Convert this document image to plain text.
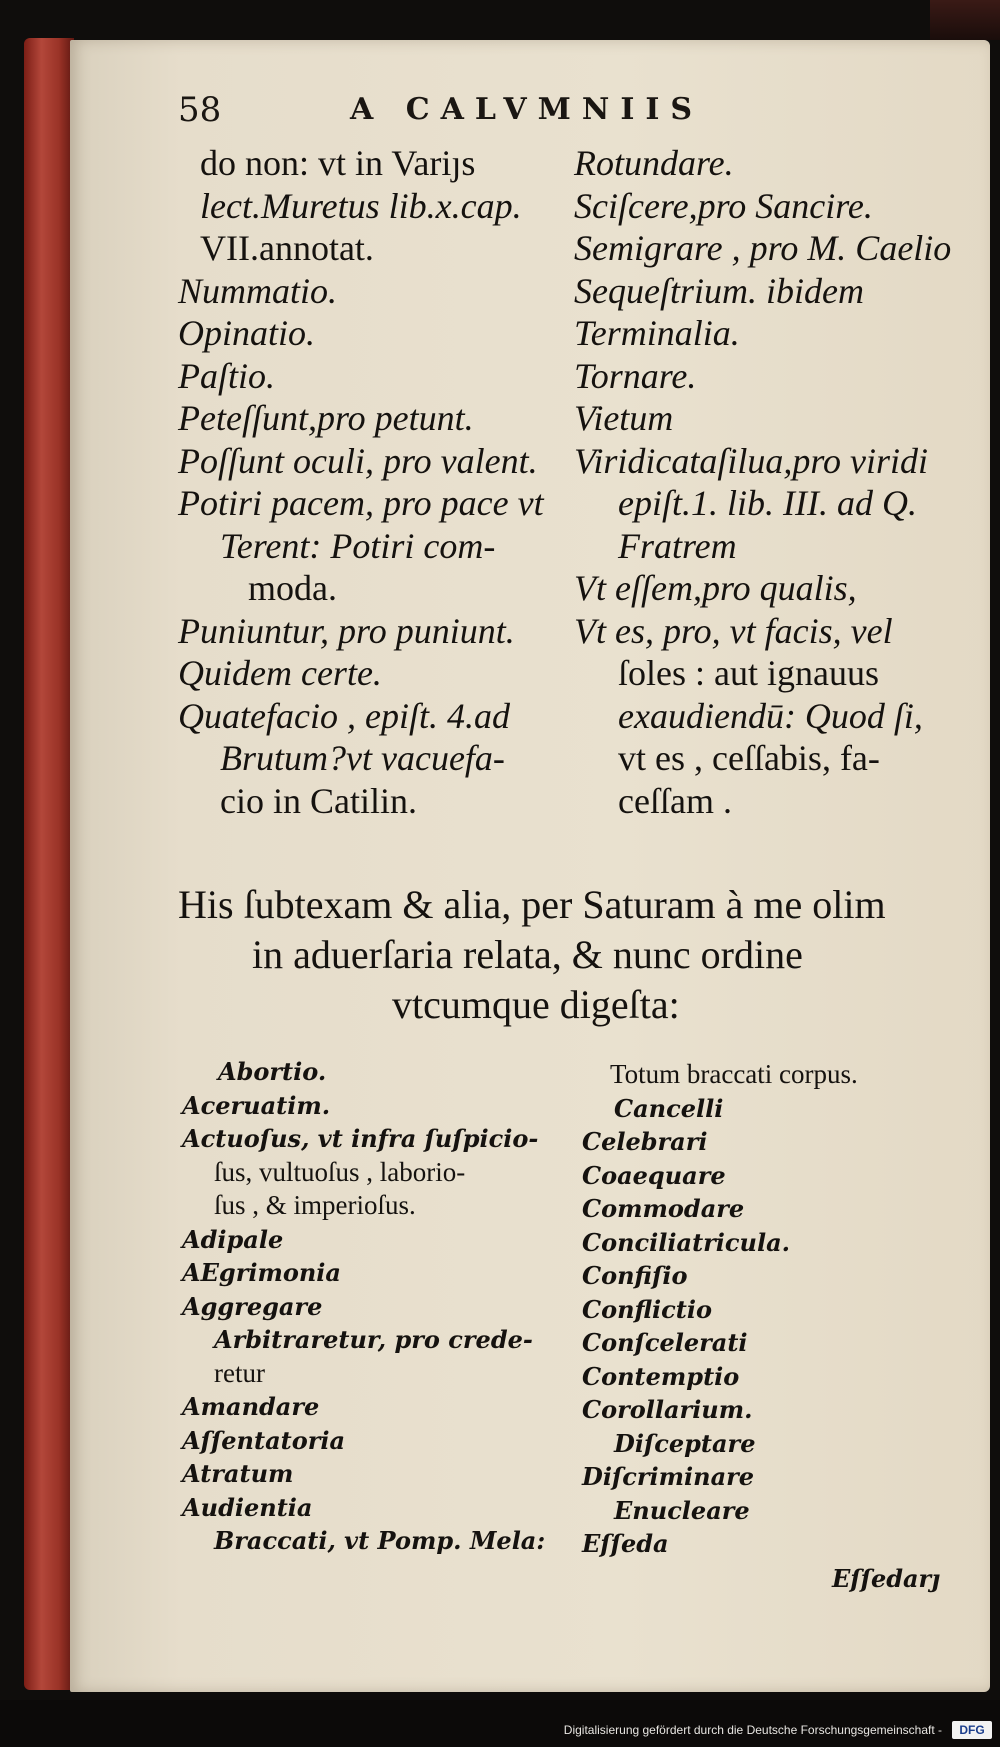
58	A CALVMNIIS
do non: vt in Variȷs
lect.Muretus lib.x.cap.
VII.annotat.
Nummatio.
Opinatio.
Paſtio.
Peteſſunt,pro petunt.
Poſſunt oculi, pro valent.
Potiri pacem, pro pace vt
Terent: Potiri com-
moda.
Puniuntur, pro puniunt.
Quidem certe.
Quatefacio , epiſt. 4.ad
Brutum?vt vacuefa-
cio in Catilin.
Rotundare.
Sciſcere,pro Sancire.
Semigrare , pro M. Caelio
Sequeſtrium. ibidem
Terminalia.
Tornare.
Vietum
Viridicataſilua,pro viridi
epiſt.1. lib. III. ad Q.
Fratrem
Vt eſſem,pro qualis,
Vt es, pro, vt facis, vel
ſoles : aut ignauus
exaudiendū: Quod ſi,
vt es , ceſſabis, fa-
ceſſam .
His ſubtexam & alia, per Saturam à me olim
in aduerſaria relata, & nunc ordine
vtcumque digeſta:
Abortio.
Aceruatim.
Actuoſus, vt infra ſuſpicio-
ſus, vultuoſus , laborio-
ſus , & imperioſus.
Adipale
AEgrimonia
Aggregare
Arbitraretur, pro crede-
retur
Amandare
Aſſentatoria
Atratum
Audientia
Braccati, vt Pomp. Mela:
Totum braccati corpus.
Cancelli
Celebrari
Coaequare
Commodare
Conciliatricula.
Confiſio
Conflictio
Conſcelerati
Contemptio
Corollarium.
Diſceptare
Diſcriminare
Enucleare
Eſſeda
Eſſedarȷ
Digitalisierung gefördert durch die Deutsche Forschungsgemeinschaft -	DFG
